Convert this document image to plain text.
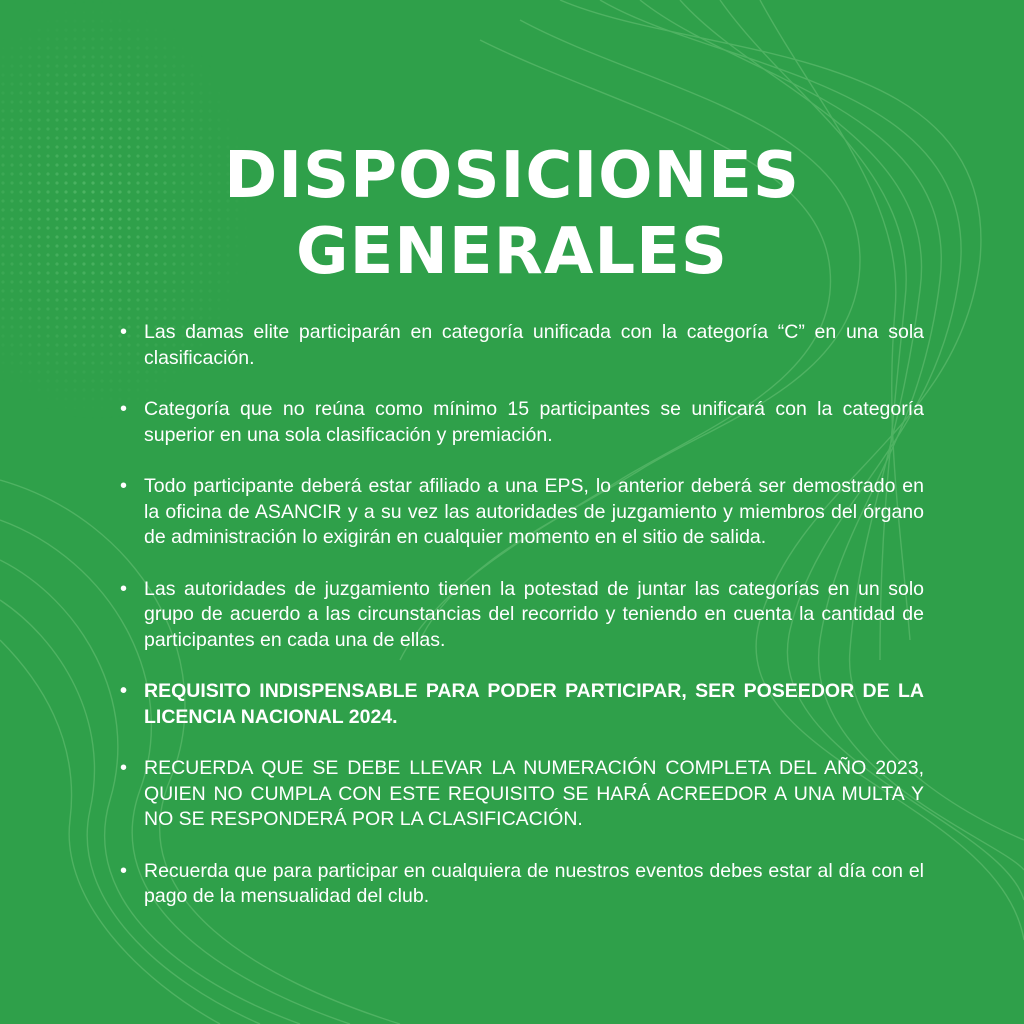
DISPOSICIONES
GENERALES
• Las damas elite participarán en categoría unificada con la categoría “C” en una sola clasificación.
• Categoría que no reúna como mínimo 15 participantes se unificará con la categoría superior en una sola clasificación y premiación.
• Todo participante deberá estar afiliado a una EPS, lo anterior deberá ser demostrado en la oficina de ASANCIR y a su vez las autoridades de juzgamiento y miembros del órgano de administración lo exigirán en cualquier momento en el sitio de salida.
• Las autoridades de juzgamiento tienen la potestad de juntar las categorías en un solo grupo de acuerdo a las circunstancias del recorrido y teniendo en cuenta la cantidad de participantes en cada una de ellas.
• REQUISITO INDISPENSABLE PARA PODER PARTICIPAR, SER POSEEDOR DE LA LICENCIA NACIONAL 2024.
• RECUERDA QUE SE DEBE LLEVAR LA NUMERACIÓN COMPLETA DEL AÑO 2023, QUIEN NO CUMPLA CON ESTE REQUISITO SE HARÁ ACREEDOR A UNA MULTA Y NO SE RESPONDERÁ POR LA CLASIFICACIÓN.
• Recuerda que para participar en cualquiera de nuestros eventos debes estar al día con el pago de la mensualidad del club.
